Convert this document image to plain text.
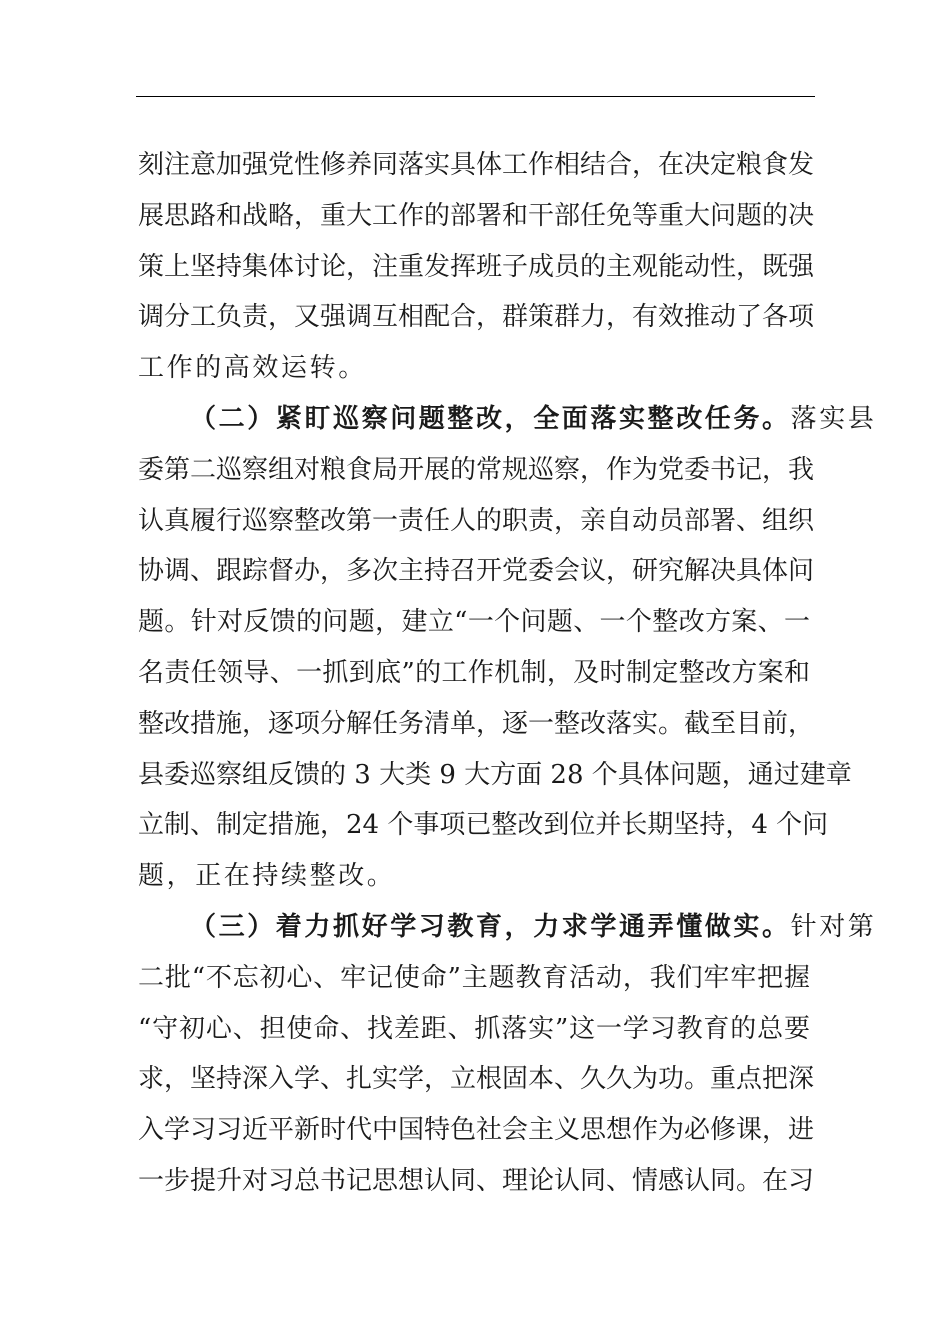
刻注意加强党性修养同落实具体工作相结合，在决定粮食发
展思路和战略，重大工作的部署和干部任免等重大问题的决
策上坚持集体讨论，注重发挥班子成员的主观能动性，既强
调分工负责，又强调互相配合，群策群力，有效推动了各项
工作的高效运转。
（二）紧盯巡察问题整改，全面落实整改任务。落实县
委第二巡察组对粮食局开展的常规巡察，作为党委书记，我
认真履行巡察整改第一责任人的职责，亲自动员部署、组织
协调、跟踪督办，多次主持召开党委会议，研究解决具体问
题。针对反馈的问题，建立“一个问题、一个整改方案、一
名责任领导、一抓到底”的工作机制，及时制定整改方案和
整改措施，逐项分解任务清单，逐一整改落实。截至目前，
县委巡察组反馈的 3 大类 9 大方面 28 个具体问题，通过建章
立制、制定措施，24 个事项已整改到位并长期坚持，4 个问
题，正在持续整改。
（三）着力抓好学习教育，力求学通弄懂做实。针对第
二批“不忘初心、牢记使命”主题教育活动，我们牢牢把握
“守初心、担使命、找差距、抓落实”这一学习教育的总要
求，坚持深入学、扎实学，立根固本、久久为功。重点把深
入学习习近平新时代中国特色社会主义思想作为必修课，进
一步提升对习总书记思想认同、理论认同、情感认同。在习
